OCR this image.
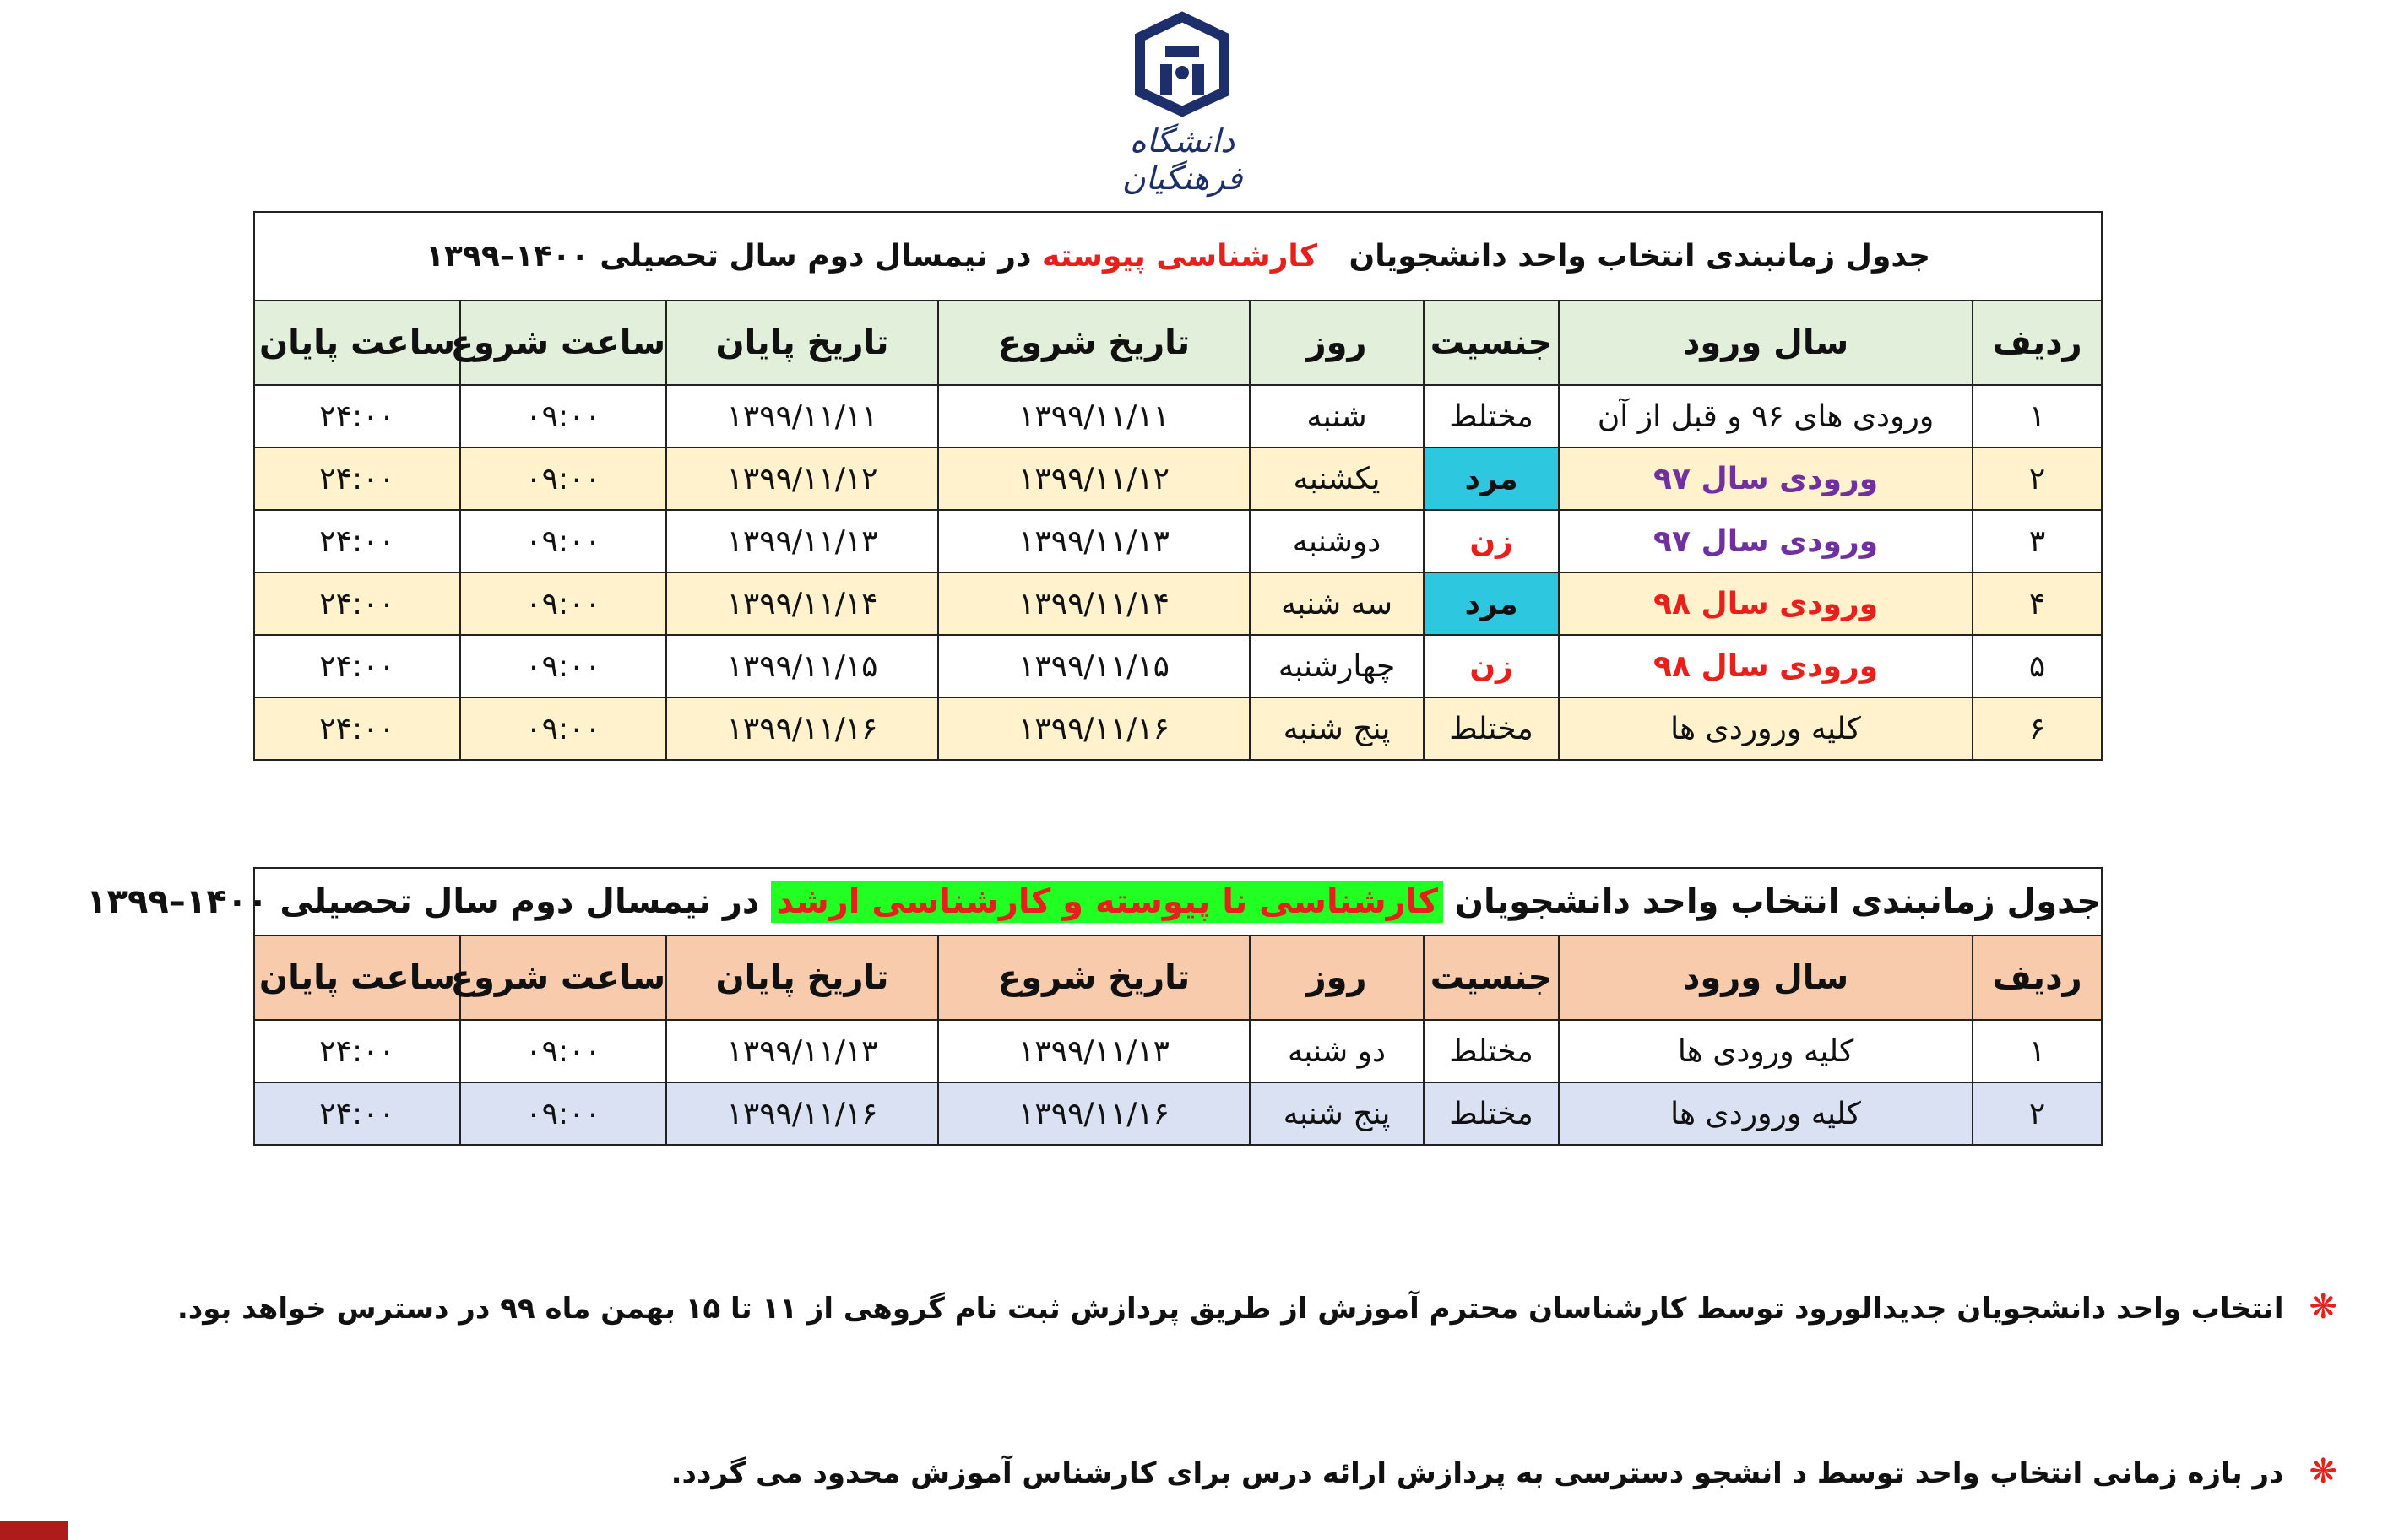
دانشگاه فرهنگیان
جدول زمانبندی انتخاب واحد دانشجویان   کارشناسی پیوسته در نیمسال دوم سال تحصیلی ۱۴۰۰–۱۳۹۹							
ردیف	سال ورود	جنسیت	روز	تاریخ شروع	تاریخ پایان	ساعت شروع	ساعت پایان
۱	ورودی های ۹۶ و قبل از آن	مختلط	شنبه	۱۳۹۹/۱۱/۱۱	۱۳۹۹/۱۱/۱۱	۰۹:۰۰	۲۴:۰۰
۲	ورودی سال ۹۷	مرد	یکشنبه	۱۳۹۹/۱۱/۱۲	۱۳۹۹/۱۱/۱۲	۰۹:۰۰	۲۴:۰۰
۳	ورودی سال ۹۷	زن	دوشنبه	۱۳۹۹/۱۱/۱۳	۱۳۹۹/۱۱/۱۳	۰۹:۰۰	۲۴:۰۰
۴	ورودی سال ۹۸	مرد	سه شنبه	۱۳۹۹/۱۱/۱۴	۱۳۹۹/۱۱/۱۴	۰۹:۰۰	۲۴:۰۰
۵	ورودی سال ۹۸	زن	چهارشنبه	۱۳۹۹/۱۱/۱۵	۱۳۹۹/۱۱/۱۵	۰۹:۰۰	۲۴:۰۰
۶	کلیه وروردی ها	مختلط	پنج شنبه	۱۳۹۹/۱۱/۱۶	۱۳۹۹/۱۱/۱۶	۰۹:۰۰	۲۴:۰۰
جدول زمانبندی انتخاب واحد دانشجویان کارشناسی نا پیوسته و کارشناسی ارشد در نیمسال دوم سال تحصیلی ۱۴۰۰–۱۳۹۹							
ردیف	سال ورود	جنسیت	روز	تاریخ شروع	تاریخ پایان	ساعت شروع	ساعت پایان
۱	کلیه ورودی ها	مختلط	دو شنبه	۱۳۹۹/۱۱/۱۳	۱۳۹۹/۱۱/۱۳	۰۹:۰۰	۲۴:۰۰
۲	کلیه وروردی ها	مختلط	پنج شنبه	۱۳۹۹/۱۱/۱۶	۱۳۹۹/۱۱/۱۶	۰۹:۰۰	۲۴:۰۰
❋انتخاب واحد دانشجویان جدیدالورود توسط کارشناسان محترم آموزش از طریق پردازش ثبت نام گروهی از ۱۱ تا ۱۵ بهمن ماه ۹۹ در دسترس خواهد بود.
❋در بازه زمانی انتخاب واحد توسط د انشجو دسترسی به پردازش ارائه درس برای کارشناس آموزش محدود می گردد.
